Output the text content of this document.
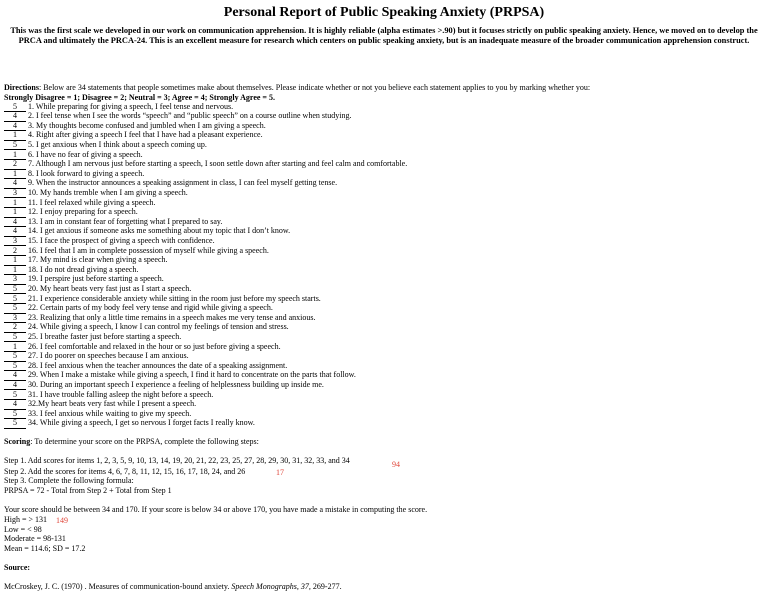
Personal Report of Public Speaking Anxiety (PRPSA)
This was the first scale we developed in our work on communication apprehension. It is highly reliable (alpha estimates >.90) but it focuses strictly on public speaking anxiety. Hence, we moved on to develop the PRCA and ultimately the PRCA-24. This is an excellent measure for research which centers on public speaking anxiety, but is an inadequate measure of the broader communication apprehension construct.
Directions: Below are 34 statements that people sometimes make about themselves. Please indicate whether or not you believe each statement applies to you by marking whether you:
Strongly Disagree = 1; Disagree = 2; Neutral = 3; Agree = 4; Strongly Agree = 5.
5 1. While preparing for giving a speech, I feel tense and nervous.
4 2. I feel tense when I see the words “speech” and “public speech” on a course outline when studying.
4 3. My thoughts become confused and jumbled when I am giving a speech.
1 4. Right after giving a speech I feel that I have had a pleasant experience.
5 5. I get anxious when I think about a speech coming up.
1 6. I have no fear of giving a speech.
2 7. Although I am nervous just before starting a speech, I soon settle down after starting and feel calm and comfortable.
1 8. I look forward to giving a speech.
4 9. When the instructor announces a speaking assignment in class, I can feel myself getting tense.
3 10. My hands tremble when I am giving a speech.
1 11. I feel relaxed while giving a speech.
1 12. I enjoy preparing for a speech.
4 13. I am in constant fear of forgetting what I prepared to say.
4 14. I get anxious if someone asks me something about my topic that I don’t know.
3 15. I face the prospect of giving a speech with confidence.
2 16. I feel that I am in complete possession of myself while giving a speech.
1 17. My mind is clear when giving a speech.
1 18. I do not dread giving a speech.
3 19. I perspire just before starting a speech.
5 20. My heart beats very fast just as I start a speech.
5 21. I experience considerable anxiety while sitting in the room just before my speech starts.
5 22. Certain parts of my body feel very tense and rigid while giving a speech.
3 23. Realizing that only a little time remains in a speech makes me very tense and anxious.
2 24. While giving a speech, I know I can control my feelings of tension and stress.
5 25. I breathe faster just before starting a speech.
1 26. I feel comfortable and relaxed in the hour or so just before giving a speech.
5 27. I do poorer on speeches because I am anxious.
5 28. I feel anxious when the teacher announces the date of a speaking assignment.
4 29. When I make a mistake while giving a speech, I find it hard to concentrate on the parts that follow.
4 30. During an important speech I experience a feeling of helplessness building up inside me.
5 31. I have trouble falling asleep the night before a speech.
4 32.My heart beats very fast while I present a speech.
5 33. I feel anxious while waiting to give my speech.
5 34. While giving a speech, I get so nervous I forget facts I really know.
Scoring: To determine your score on the PRPSA, complete the following steps:
Step 1. Add scores for items 1, 2, 3, 5, 9, 10, 13, 14, 19, 20, 21, 22, 23, 25, 27, 28, 29, 30, 31, 32, 33, and 34	94
Step 2. Add the scores for items 4, 6, 7, 8, 11, 12, 15, 16, 17, 18, 24, and 26	17
Step 3. Complete the following formula:
PRPSA = 72 - Total from Step 2 + Total from Step 1
Your score should be between 34 and 170. If your score is below 34 or above 170, you have made a mistake in computing the score.
High = > 131 149
Low = < 98
Moderate = 98-131
Mean = 114.6; SD = 17.2
Source:
McCroskey, J. C. (1970) . Measures of communication-bound anxiety. Speech Monographs, 37, 269-277.
